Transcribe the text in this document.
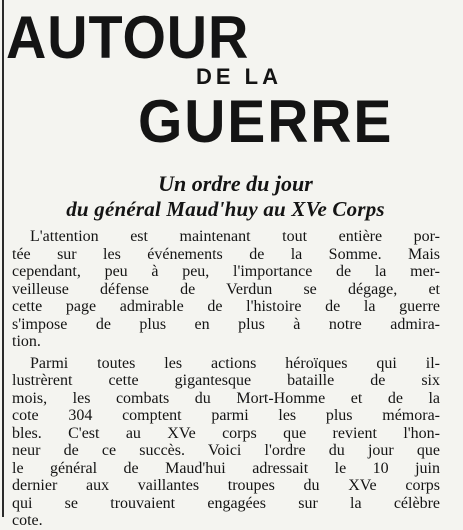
AUTOUR
DE LA
GUERRE
Un ordre du jour
du général Maud'huy au XVe Corps
L'attention est maintenant tout entière por-
tée sur les événements de la Somme. Mais
cependant, peu à peu, l'importance de la mer-
veilleuse défense de Verdun se dégage, et
cette page admirable de l'histoire de la guerre
s'impose de plus en plus à notre admira-
tion.
Parmi toutes les actions héroïques qui il-
lustrèrent cette gigantesque bataille de six
mois, les combats du Mort-Homme et de la
cote 304 comptent parmi les plus mémora-
bles. C'est au XVe corps que revient l'hon-
neur de ce succès. Voici l'ordre du jour que
le général de Maud'hui adressait le 10 juin
dernier aux vaillantes troupes du XVe corps
qui se trouvaient engagées sur la célèbre
cote.
